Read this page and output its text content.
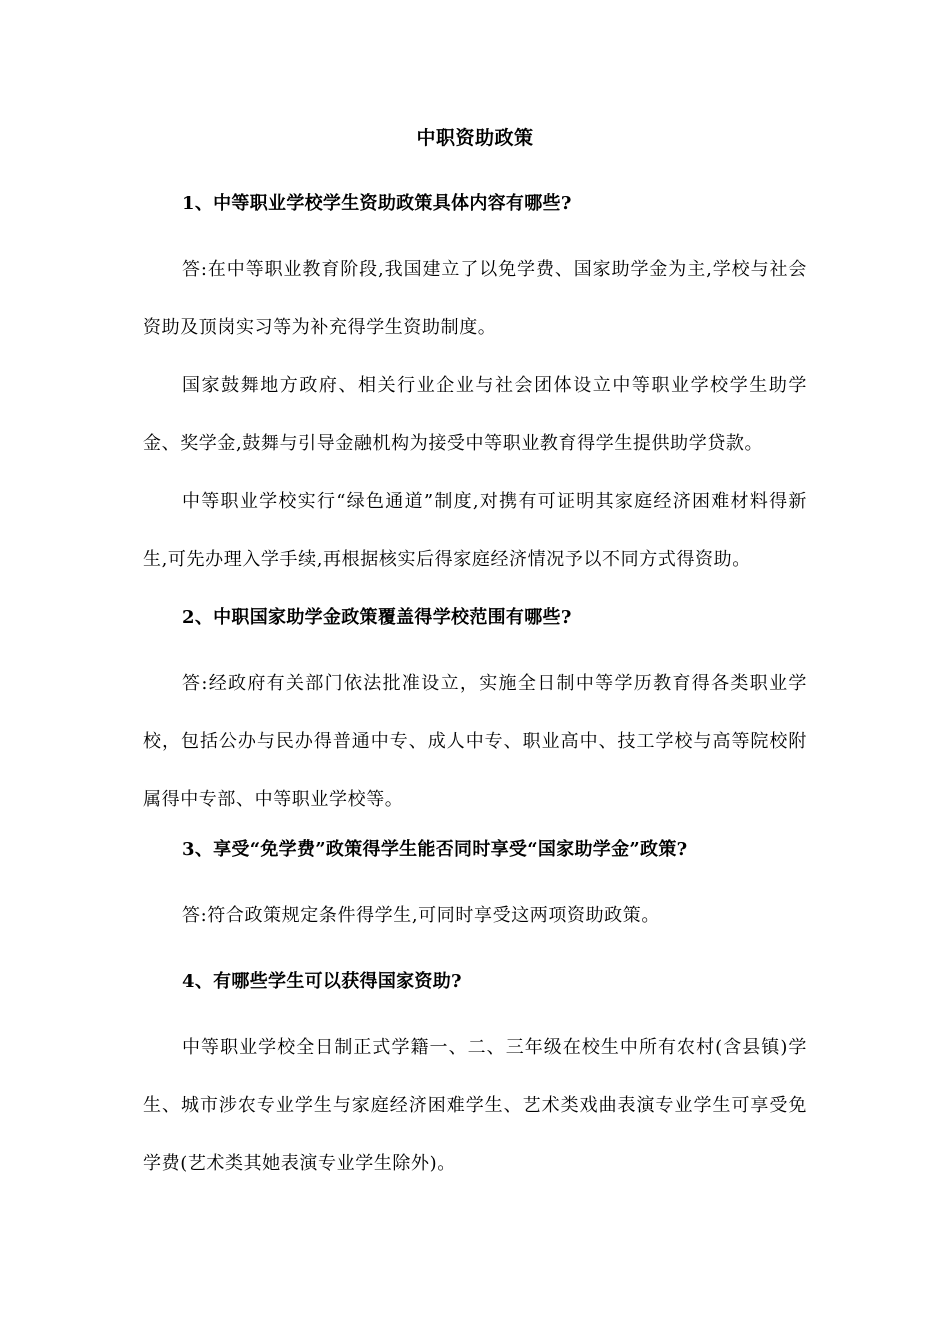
中职资助政策
1、中等职业学校学生资助政策具体内容有哪些?
答:在中等职业教育阶段,我国建立了以免学费、国家助学金为主,学校与社会资助及顶岗实习等为补充得学生资助制度。
国家鼓舞地方政府、相关行业企业与社会团体设立中等职业学校学生助学金、奖学金,鼓舞与引导金融机构为接受中等职业教育得学生提供助学贷款。
中等职业学校实行“绿色通道”制度,对携有可证明其家庭经济困难材料得新生,可先办理入学手续,再根据核实后得家庭经济情况予以不同方式得资助。
2、中职国家助学金政策覆盖得学校范围有哪些?
答:经政府有关部门依法批准设立，实施全日制中等学历教育得各类职业学校，包括公办与民办得普通中专、成人中专、职业高中、技工学校与高等院校附属得中专部、中等职业学校等。
3、享受“免学费”政策得学生能否同时享受“国家助学金”政策?
答:符合政策规定条件得学生,可同时享受这两项资助政策。
4、有哪些学生可以获得国家资助?
中等职业学校全日制正式学籍一、二、三年级在校生中所有农村(含县镇)学生、城市涉农专业学生与家庭经济困难学生、艺术类戏曲表演专业学生可享受免学费(艺术类其她表演专业学生除外)。
